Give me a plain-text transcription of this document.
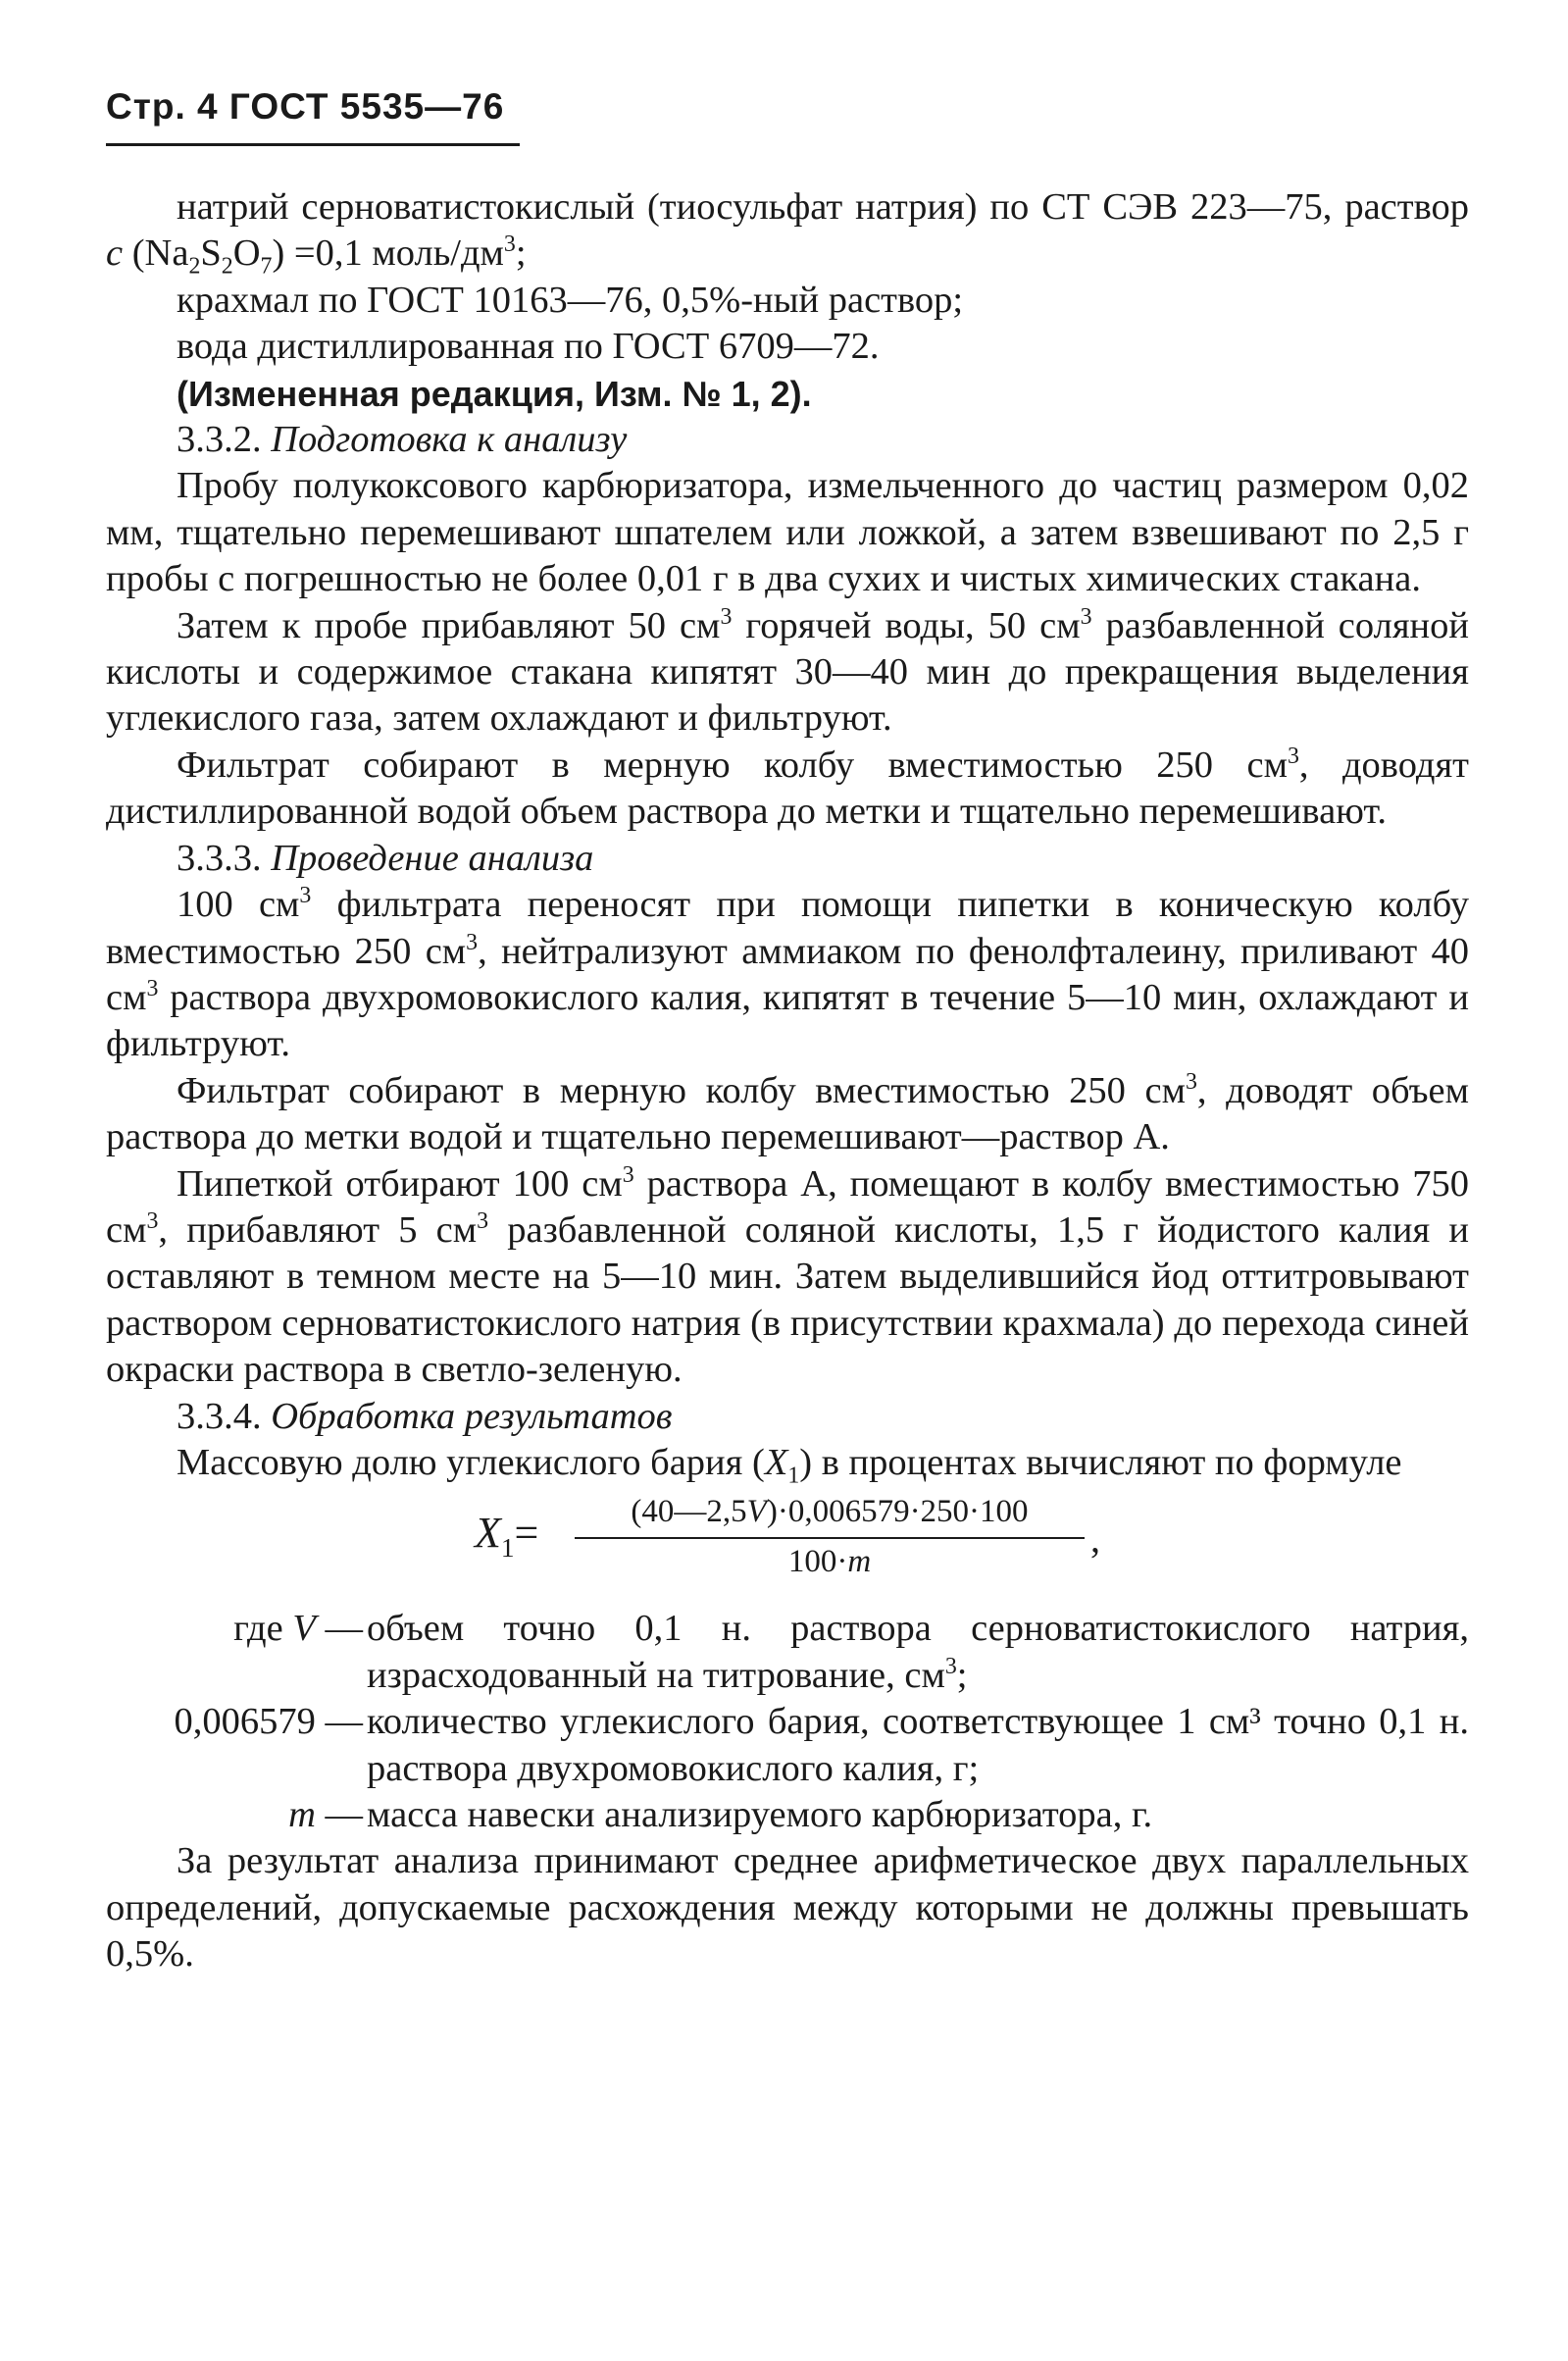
Стр. 4 ГОСТ 5535—76

натрий серноватистокислый (тиосульфат натрия) по СТ СЭВ 223—75, раствор с $(Na_2S_2O_7) =0,1$ моль/$дм^3$;

крахмал по ГОСТ 10163—76, 0,5%-ный раствор;

вода дистиллированная по ГОСТ 6709—72.

(Измененная редакция, Изм. № 1, 2).

3.3.2. Подготовка к анализу

Пробу полукоксового карбюризатора, измельченного до частиц размером 0,02 мм, тщательно перемешивают шпателем или ложкой, а затем взвешивают по 2,5 г пробы с погрешностью не более 0,01 г в два сухих и чистых химических стакана.

Затем к пробе прибавляют 50 $см^3$ горячей воды, 50 $см^3$ разбавленной соляной кислоты и содержимое стакана кипятят 30—40 мин до прекращения выделения углекислого газа, затем охлаждают и фильтруют.

Фильтрат собирают в мерную колбу вместимостью 250 $см^3$, доводят дистиллированной водой объем раствора до метки и тщательно перемешивают.

3.3.3. Проведение анализа

100 $см^3$ фильтрата переносят при помощи пипетки в коническую колбу вместимостью 250 $см^3$, нейтрализуют аммиаком по фенолфталеину, приливают 40 $см^3$ раствора двухромовокислого калия, кипятят в течение 5—10 мин, охлаждают и фильтруют.

Фильтрат собирают в мерную колбу вместимостью 250 $см^3$, доводят объем раствора до метки водой и тщательно перемешивают—раствор А.

Пипеткой отбирают 100 $см^3$ раствора А, помещают в колбу вместимостью 750 $см^3$, прибавляют 5 $см^3$ разбавленной соляной кислоты, 1,5 г йодистого калия и оставляют в темном месте на 5—10 мин. Затем выделившийся йод оттитровывают раствором серноватистокислого натрия (в присутствии крахмала) до перехода синей окраски раствора в светло-зеленую.

3.3.4. Обработка результатов

Массовую долю углекислого бария $(X_1)$ в процентах вычисляют по формуле

$X_1= \frac{(40—2,5V)\cdot 0,006579\cdot 250\cdot 100}{100\cdot m}$ ,
где V — объем точно 0,1 н. раствора серноватистокислого натрия, израсходованный на титрование, $см^3$;
0,006579 — количество углекислого бария, соответствующее 1 см³ точно 0,1 н. раствора двухромовокислого калия, г;
m — масса навески анализируемого карбюризатора, г.

За результат анализа принимают среднее арифметическое двух параллельных определений, допускаемые расхождения между которыми не должны прeвышать 0,5%.
